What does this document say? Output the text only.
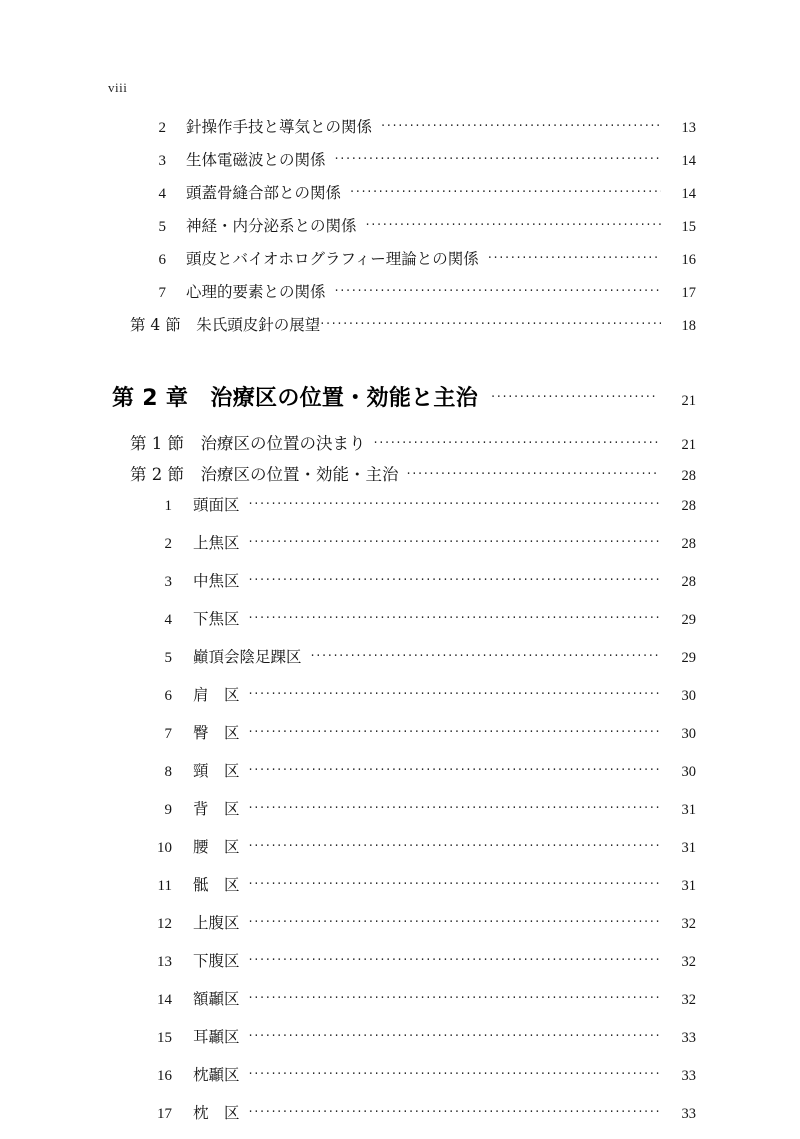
viii
2 針操作手技と導気との関係 ·····	13
3 生体電磁波との関係 ·····	14
4 頭蓋骨縫合部との関係 ·····	14
5 神経・内分泌系との関係 ·····	15
6 頭皮とバイオホログラフィー理論との関係 ·····	16
7 心理的要素との関係 ·····	17
第 4 節　朱氏頭皮針の展望 ·····	18
第 2 章　治療区の位置・効能と主治 ·····	21
第 1 節　治療区の位置の決まり ·····	21
第 2 節　治療区の位置・効能・主治 ·····	28
1 頭面区 ·····	28
2 上焦区 ·····	28
3 中焦区 ·····	28
4 下焦区 ·····	29
5 巓頂会陰足踝区 ·····	29
6 肩　区 ·····	30
7 臀　区 ·····	30
8 頸　区 ·····	30
9 背　区 ·····	31
10 腰　区 ·····	31
11 骶　区 ·····	31
12 上腹区 ·····	32
13 下腹区 ·····	32
14 額顳区 ·····	32
15 耳顳区 ·····	33
16 枕顳区 ·····	33
17 枕　区 ·····	33
